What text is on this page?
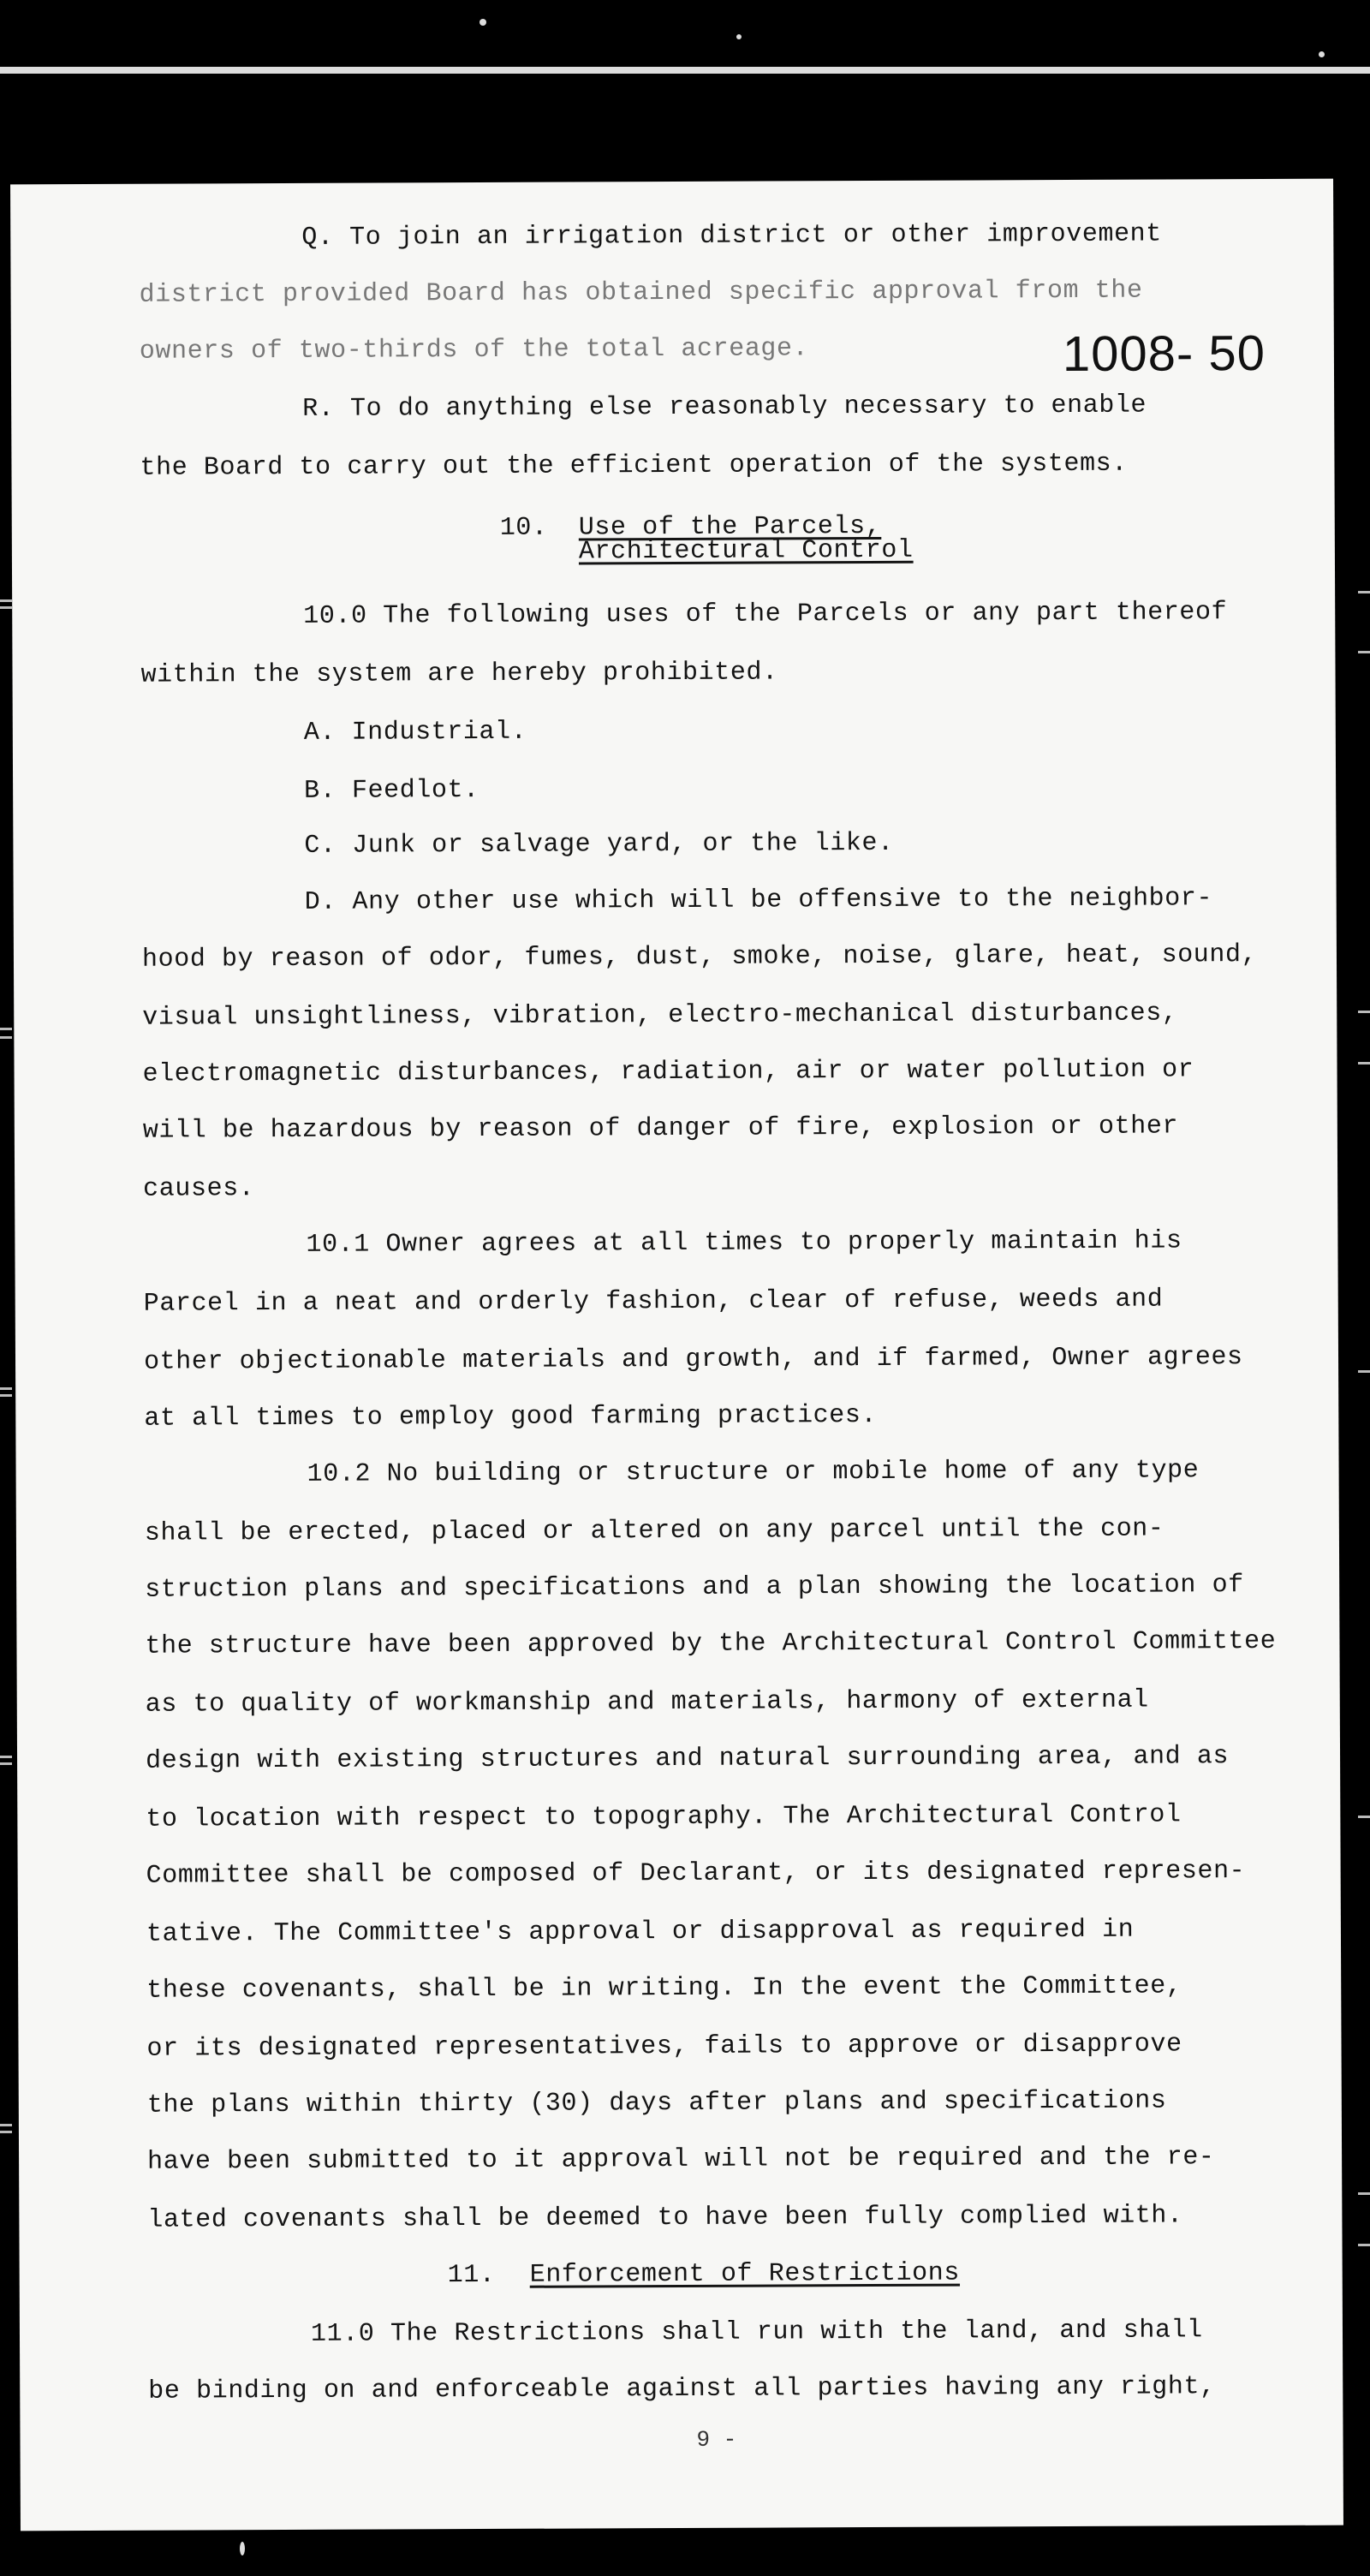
1008- 50
Q. To join an irrigation district or other improvement
district provided Board has obtained specific approval from the
owners of two-thirds of the total acreage.
R. To do anything else reasonably necessary to enable
the Board to carry out the efficient operation of the systems.
10. Use of the Parcels,
Architectural Control
10.0 The following uses of the Parcels or any part thereof
within the system are hereby prohibited.
A. Industrial.
B. Feedlot.
C. Junk or salvage yard, or the like.
D. Any other use which will be offensive to the neighbor-
hood by reason of odor, fumes, dust, smoke, noise, glare, heat, sound,
visual unsightliness, vibration, electro-mechanical disturbances,
electromagnetic disturbances, radiation, air or water pollution or
will be hazardous by reason of danger of fire, explosion or other
causes.
10.1 Owner agrees at all times to properly maintain his
Parcel in a neat and orderly fashion, clear of refuse, weeds and
other objectionable materials and growth, and if farmed, Owner agrees
at all times to employ good farming practices.
10.2 No building or structure or mobile home of any type
shall be erected, placed or altered on any parcel until the con-
struction plans and specifications and a plan showing the location of
the structure have been approved by the Architectural Control Committee
as to quality of workmanship and materials, harmony of external
design with existing structures and natural surrounding area, and as
to location with respect to topography. The Architectural Control
Committee shall be composed of Declarant, or its designated represen-
tative. The Committee's approval or disapproval as required in
these covenants, shall be in writing. In the event the Committee,
or its designated representatives, fails to approve or disapprove
the plans within thirty (30) days after plans and specifications
have been submitted to it approval will not be required and the re-
lated covenants shall be deemed to have been fully complied with.
11. Enforcement of Restrictions
11.0 The Restrictions shall run with the land, and shall
be binding on and enforceable against all parties having any right,
9 -
